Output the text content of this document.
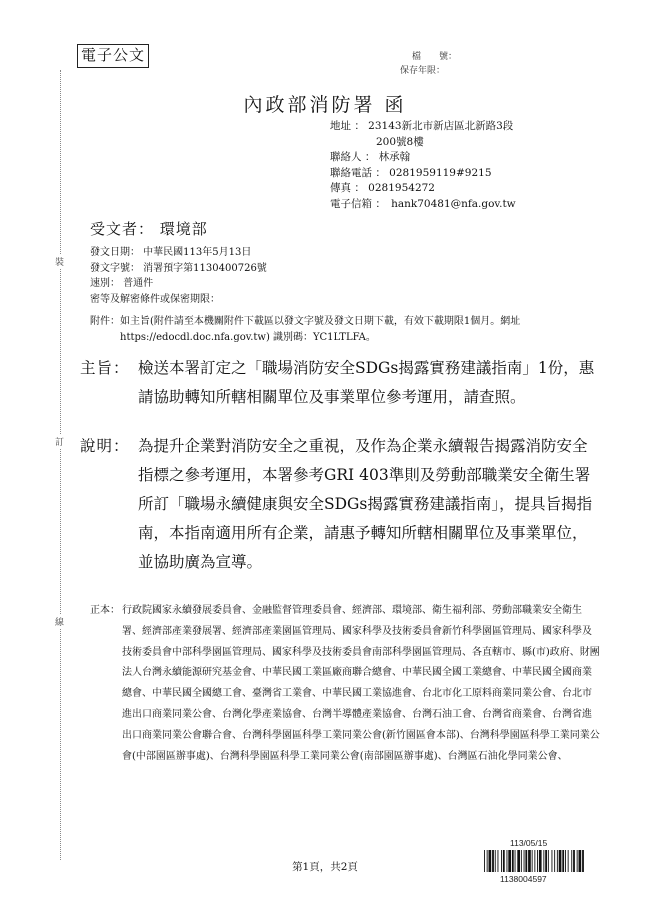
裝
訂
線
電子公文	檔　　號：
保存年限：
內政部消防署 函
地址 ： 23143新北市新店區北新路3段
200號8樓
聯絡人 ： 林承翰
聯絡電話 ： 0281959119#9215
傳真 ： 0281954272
電子信箱 ：　hank70481@nfa.gov.tw
受文者： 環境部
發文日期： 中華民國113年5月13日
發文字號： 消署預字第1130400726號
速別： 普通件
密等及解密條件或保密期限：
附件： 如主旨(附件請至本機關附件下載區以發文字號及發文日期下載，有效下載期限1個月。網址https://edocdl.doc.nfa.gov.tw) 識別碼：YC1LTLFA。
主旨： 檢送本署訂定之「職場消防安全SDGs揭露實務建議指南」1份，惠請協助轉知所轄相關單位及事業單位參考運用，請查照。
說明： 為提升企業對消防安全之重視，及作為企業永續報告揭露消防安全指標之參考運用，本署參考GRI 403準則及勞動部職業安全衛生署所訂「職場永續健康與安全SDGs揭露實務建議指南」，提具旨揭指南，本指南適用所有企業，請惠予轉知所轄相關單位及事業單位，並協助廣為宣導。
正本： 行政院國家永續發展委員會、金融監督管理委員會、經濟部、環境部、衛生福利部、勞動部職業安全衛生署、經濟部產業發展署、經濟部產業園區管理局、國家科學及技術委員會新竹科學園區管理局、國家科學及技術委員會中部科學園區管理局、國家科學及技術委員會南部科學園區管理局、各直轄市、縣(市)政府、財團法人台灣永續能源研究基金會、中華民國工業區廠商聯合總會、中華民國全國工業總會、中華民國全國商業總會、中華民國全國總工會、臺灣省工業會、中華民國工業協進會、台北市化工原料商業同業公會、台北市進出口商業同業公會、台灣化學產業協會、台灣半導體產業協會、台灣石油工會、台灣省商業會、台灣省進出口商業同業公會聯合會、台灣科學園區科學工業同業公會(新竹園區會本部)、台灣科學園區科學工業同業公會(中部園區辦事處)、台灣科學園區科學工業同業公會(南部園區辦事處)、台灣區石油化學同業公會、
113/05/15
1138004597
第1頁，共2頁
